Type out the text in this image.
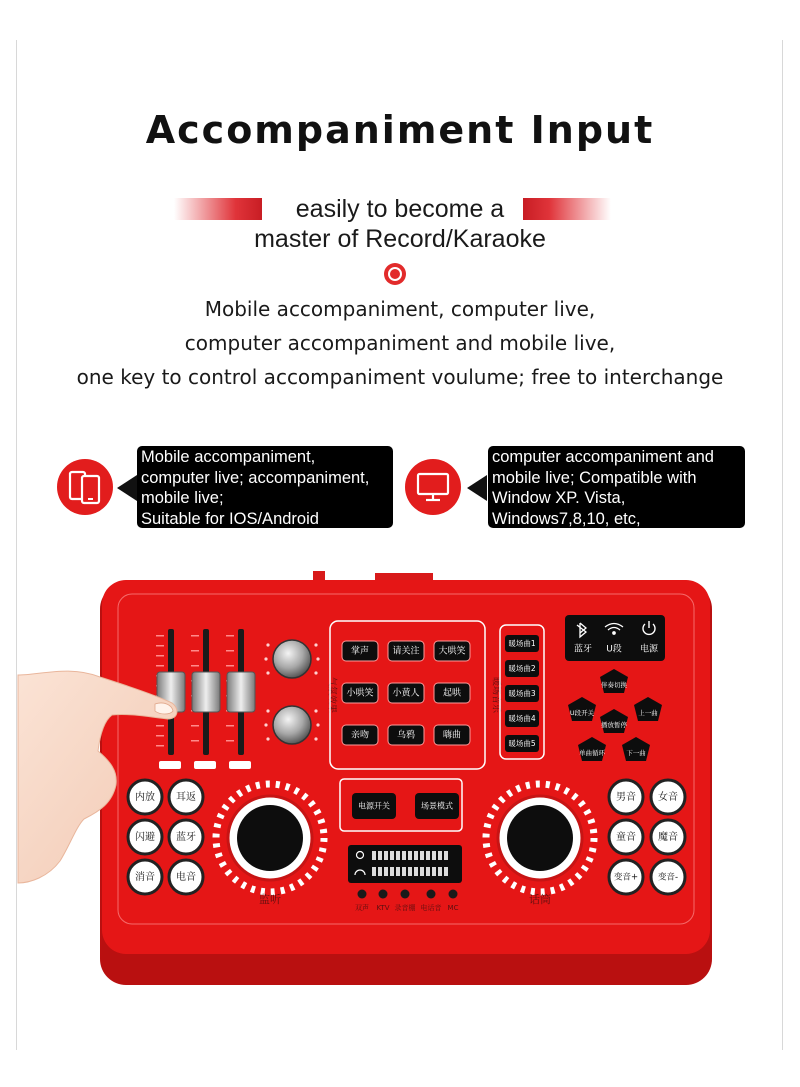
Accompaniment Input
easily to become a
master of Record/Karaoke
Mobile accompaniment, computer live,
computer accompaniment and mobile live,
one key to control accompaniment voulume; free to interchange
Mobile accompaniment,
computer live; accompaniment,
mobile live;
Suitable for IOS/Android
computer accompaniment and
mobile live; Compatible with
Window XP. Vista,
Windows7,8,10, etc,
气氛效果
掌声	请关注 大哄笑
小哄笑 小黄人	起哄
亲吻	乌鸦	嗨曲
暖场音乐
暖场曲1
暖场曲2
暖场曲3
暖场曲4
暖场曲5
蓝牙 U段 电源
伴奏切换
U段开关	上一曲
播放暂停
单曲循环	下一曲
内放 耳返
闪避 蓝牙
消音 电音
男音 女音
童音 魔音
变音+ 变音-
监听	话筒
电源开关	场景模式
双声 KTV 录音棚 电话音 MC
